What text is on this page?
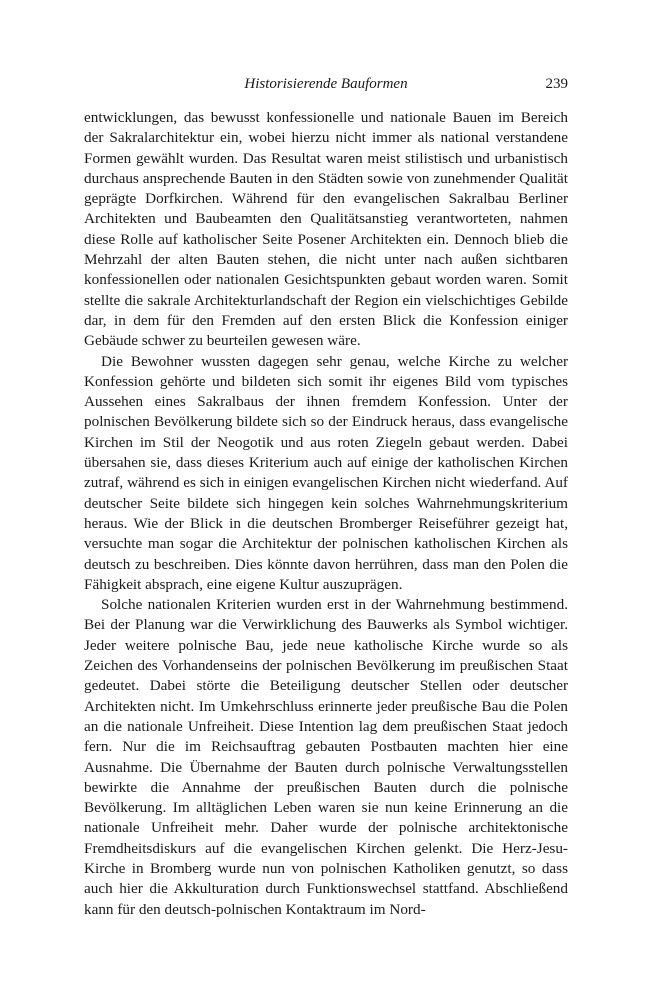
Historisierende Bauformen	239

entwicklungen, das bewusst konfessionelle und nationale Bauen im Bereich der Sakralarchitektur ein, wobei hierzu nicht immer als national verstandene Formen gewählt wurden. Das Resultat waren meist stilistisch und urbanistisch durchaus ansprechende Bauten in den Städten sowie von zunehmender Qualität geprägte Dorfkirchen. Während für den evangelischen Sakralbau Berliner Architekten und Baubeamten den Qualitätsanstieg verantworteten, nahmen diese Rolle auf katholischer Seite Posener Architekten ein. Dennoch blieb die Mehrzahl der alten Bauten stehen, die nicht unter nach außen sichtbaren konfessionellen oder nationalen Gesichtspunkten gebaut worden waren. Somit stellte die sakrale Architekturlandschaft der Region ein vielschichtiges Gebilde dar, in dem für den Fremden auf den ersten Blick die Konfession einiger Gebäude schwer zu beurteilen gewesen wäre.

Die Bewohner wussten dagegen sehr genau, welche Kirche zu welcher Konfession gehörte und bildeten sich somit ihr eigenes Bild vom typisches Aussehen eines Sakralbaus der ihnen fremdem Konfession. Unter der polnischen Bevölkerung bildete sich so der Eindruck heraus, dass evangelische Kirchen im Stil der Neogotik und aus roten Ziegeln gebaut werden. Dabei übersahen sie, dass dieses Kriterium auch auf einige der katholischen Kirchen zutraf, während es sich in einigen evangelischen Kirchen nicht wiederfand. Auf deutscher Seite bildete sich hingegen kein solches Wahrnehmungskriterium heraus. Wie der Blick in die deutschen Bromberger Reiseführer gezeigt hat, versuchte man sogar die Architektur der polnischen katholischen Kirchen als deutsch zu beschreiben. Dies könnte davon herrühren, dass man den Polen die Fähigkeit absprach, eine eigene Kultur auszuprägen.

Solche nationalen Kriterien wurden erst in der Wahrnehmung bestimmend. Bei der Planung war die Verwirklichung des Bauwerks als Symbol wichtiger. Jeder weitere polnische Bau, jede neue katholische Kirche wurde so als Zeichen des Vorhandenseins der polnischen Bevölkerung im preußischen Staat gedeutet. Dabei störte die Beteiligung deutscher Stellen oder deutscher Architekten nicht. Im Umkehrschluss erinnerte jeder preußische Bau die Polen an die nationale Unfreiheit. Diese Intention lag dem preußischen Staat jedoch fern. Nur die im Reichsauftrag gebauten Postbauten machten hier eine Ausnahme. Die Übernahme der Bauten durch polnische Verwaltungsstellen bewirkte die Annahme der preußischen Bauten durch die polnische Bevölkerung. Im alltäglichen Leben waren sie nun keine Erinnerung an die nationale Unfreiheit mehr. Daher wurde der polnische architektonische Fremdheitsdiskurs auf die evangelischen Kirchen gelenkt. Die Herz-Jesu-Kirche in Bromberg wurde nun von polnischen Katholiken genutzt, so dass auch hier die Akkulturation durch Funktionswechsel stattfand. Abschließend kann für den deutsch-polnischen Kontaktraum im Nord-
